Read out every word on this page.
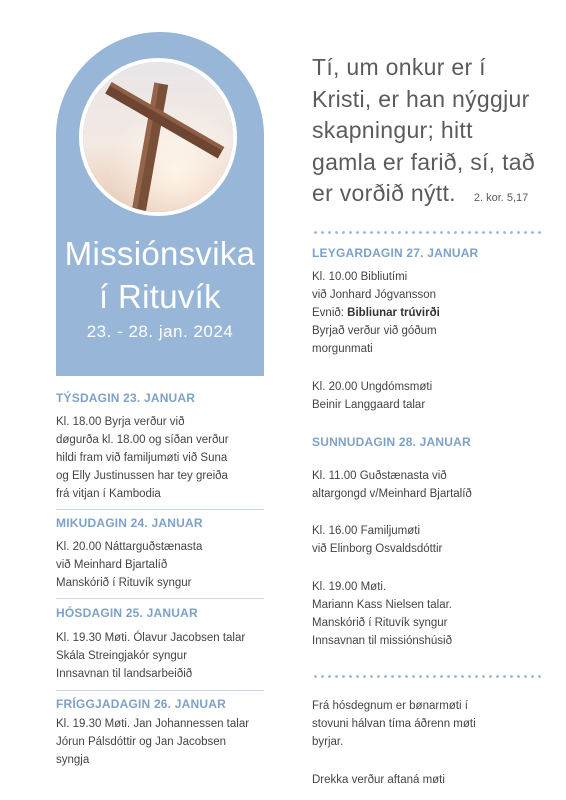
Missiónsvika
í Rituvík
23. - 28. jan. 2024
Tí, um onkur er í
Kristi, er han nýggjur
skapningur; hitt
gamla er farið, sí, tað
er vorðið nýtt. 2. kor. 5,17
TÝSDAGIN 23. JANUAR
Kl. 18.00 Byrja verður við
døgurða kl. 18.00 og síðan verður
hildi fram við familjumøti við Suna
og Elly Justinussen har tey greiða
frá vitjan í Kambodia
MIKUDAGIN 24. JANUAR
Kl. 20.00 Náttarguðstænasta
við Meinhard Bjartalíð
Manskórið í Rituvík syngur
HÓSDAGIN 25. JANUAR
Kl. 19.30 Møti. Ólavur Jacobsen talar
Skála Streingjakór syngur
Innsavnan til landsarbeiðið
FRÍGGJADAGIN 26. JANUAR
Kl. 19.30 Møti. Jan Johannessen talar
Jórun Pálsdóttir og Jan Jacobsen
syngja
LEYGARDAGIN 27. JANUAR
Kl. 10.00 Bibliutími
við Jonhard Jógvansson
Evnið: Bibliunar trúvirði
Byrjað verður við góðum
morgunmati
Kl. 20.00 Ungdómsmøti
Beinir Langgaard talar
SUNNUDAGIN 28. JANUAR
Kl. 11.00 Guðstænasta við
altargongd v/Meinhard Bjartalíð
Kl. 16.00 Familjumøti
við Elinborg Osvaldsdóttir
Kl. 19.00 Møti.
Mariann Kass Nielsen talar.
Manskórið í Rituvík syngur
Innsavnan til missiónshúsið
Frá hósdegnum er bønarmøti í
stovuni hálvan tíma áðrenn møti
byrjar.
Drekka verður aftaná møti
